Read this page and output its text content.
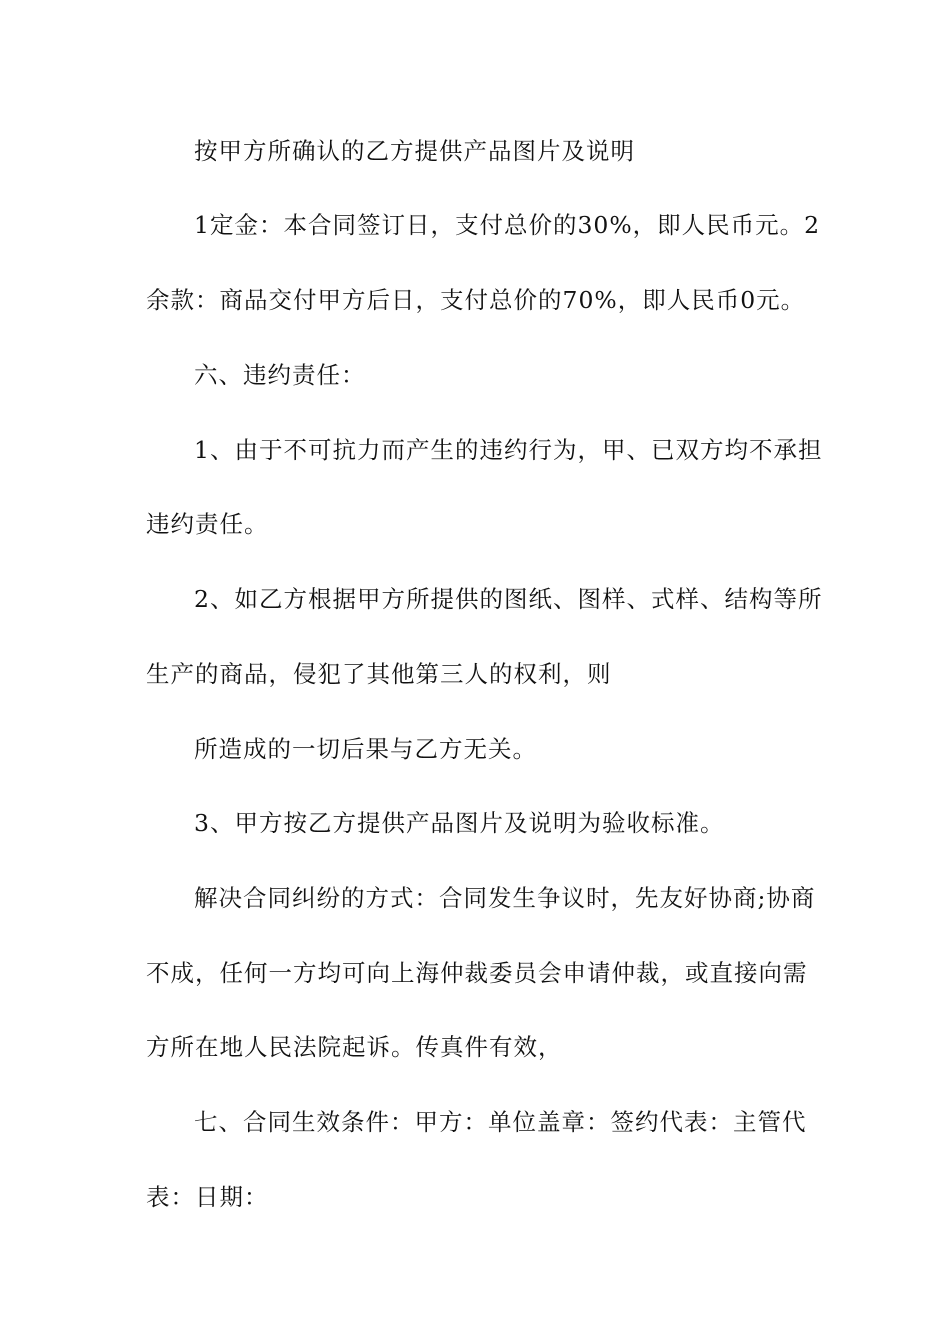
按甲方所确认的乙方提供产品图片及说明
1定金：本合同签订日，支付总价的30%，即人民币元。2
余款：商品交付甲方后日，支付总价的70%，即人民币0元。
六、违约责任：
1、由于不可抗力而产生的违约行为，甲、已双方均不承担
违约责任。
2、如乙方根据甲方所提供的图纸、图样、式样、结构等所
生产的商品，侵犯了其他第三人的权利，则
所造成的一切后果与乙方无关。
3、甲方按乙方提供产品图片及说明为验收标准。
解决合同纠纷的方式：合同发生争议时，先友好协商;协商
不成，任何一方均可向上海仲裁委员会申请仲裁，或直接向需
方所在地人民法院起诉。传真件有效，
七、合同生效条件：甲方：单位盖章：签约代表：主管代
表：日期：
